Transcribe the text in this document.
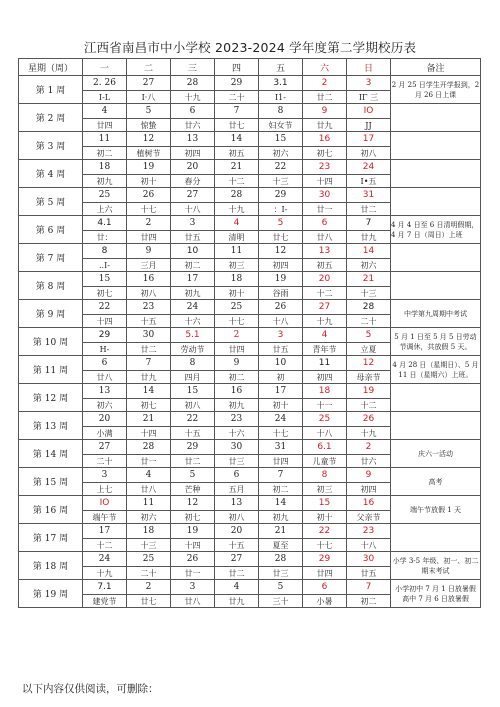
江西省南昌市中小学校 2023-2024 学年度第二学期校历表
星期（周）	一	二	三	四	五	六	日	备注
第 1 周	2. 26	27	28	29	3.1	2	3	2 月 25 日学生开学报到，2 月 26 日上课
	I-L	I·八	十九	二十	I1-	廿二	IΓ 三	
第 2 周	4	5	6	7	8	9	IO	
	廿四	惊蛰	廿六	廿七	妇女节	廿九	JJ	
第 3 周	11	12	13	14	15	16	17	
	初二	植树节	初四	初五	初六	初七	初八	
第 4 周	18	19	20	21	22	23	24	
	初九	初十	春分	十二	十三	十四	I•五	
第 5 周	25	26	27	28	29	30	31	
	上六	十七	十八	十九	：I-	廿一	廿二	
第 6 周	4.1	2	3	4	5	6	7	4 月 4 日至 6 日清明假期，4 月 7 日（周日）上班
	廿：	廿四	廿五	清明	廿七	廿八	廿九	
第 7 周	8	9	10	11	12	13	14	
	..I-	三月	初二	初三	初四	初五	初六	
第 8 周	15	16	17	18	19	20	21	
	初七	初八	初九	初十	谷雨	十二	十三	
第 9 周	22	23	24	25	26	27	28	中学第九周期中考试
	十四	十五	十六	十七	十八	十九	二十	
第 10 周	29	30	5.1	2	3	4	5	5 月 1 日至 5 月 5 日劳动节调休，共放假 5 天。
	H-	廿二	劳动节	廿四	廿五	青年节	立夏	
第 11 周	6	7	8	9	10	11	12	4 月 28 日（星期日）、5 月 11 日（星期六）上班。
	廿八	廿九	四月	初二	初	初四	母亲节	
第 12 周	13	14	15	16	17	18	19	
	初六	初七	初八	初九	初十	十一	十二	
第 13 周	20	21	22	23	24	25	26	
	小满	十四	十五	十六	十七	十八	十九	
第 14 周	27	28	29	30	31	6.1	2	庆六一活动
	二十	廿一	廿二	廿三	廿四	儿童节	廿六	
第 15 周	3	4	5	6	7	8	9	高考
	上七	廿八	芒种	五月	初二	初三	初四	
第 16 周	IO	11	12	13	14	15	16	端午节放假 1 天
	端午节	初六	初七	初八	初九	初十	父亲节	
第 17 周	17	18	19	20	21	22	23	
	十二	十三	十四	十五	夏至	十七	十八	
第 18 周	24	25	26	27	28	29	30	小学 3-5 年级、初一、初二期末考试
	十九	二十	廿一	廿二	廿三	廿四	廿五	
第 19 周	7.1	2	3	4	5	6	7	小学初中 7 月 1 日放暑假 高中 7 月 6 日放暑假
	建党节	廿七	廿八	廿九	三十	小暑	初二	
以下内容仅供阅读，可删除：
